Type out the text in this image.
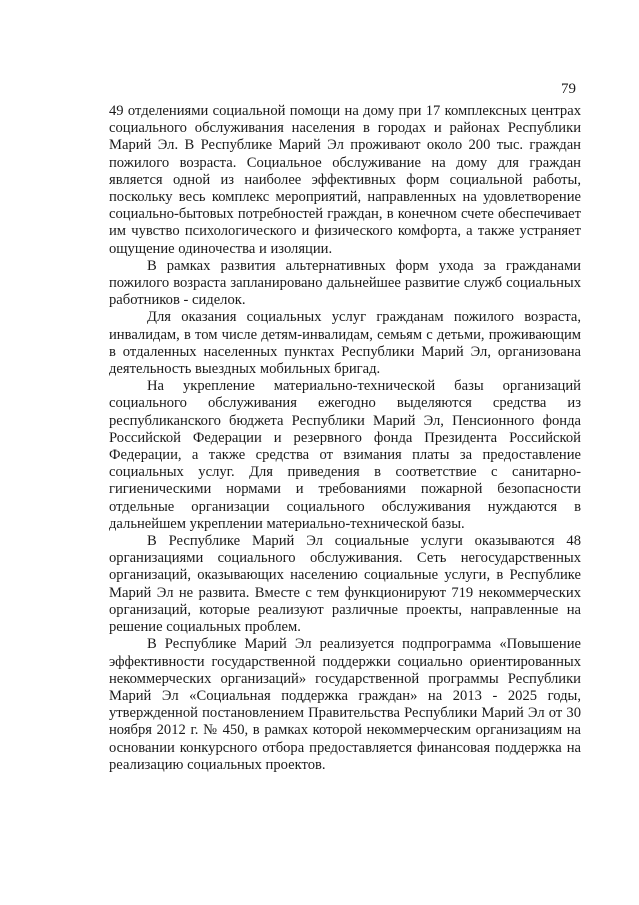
79

49 отделениями социальной помощи на дому при 17 комплексных центрах социального обслуживания населения в городах и районах Республики Марий Эл. В Республике Марий Эл проживают около 200 тыс. граждан пожилого возраста. Социальное обслуживание на дому для граждан является одной из наиболее эффективных форм социальной работы, поскольку весь комплекс мероприятий, направленных на удовлетворение социально-бытовых потребностей граждан, в конечном счете обеспечивает им чувство психологического и физического комфорта, а также устраняет ощущение одиночества и изоляции.

В рамках развития альтернативных форм ухода за гражданами пожилого возраста запланировано дальнейшее развитие служб социальных работников - сиделок.

Для оказания социальных услуг гражданам пожилого возраста, инвалидам, в том числе детям-инвалидам, семьям с детьми, проживающим в отдаленных населенных пунктах Республики Марий Эл, организована деятельность выездных мобильных бригад.

На укрепление материально-технической базы организаций социального обслуживания ежегодно выделяются средства из республиканского бюджета Республики Марий Эл, Пенсионного фонда Российской Федерации и резервного фонда Президента Российской Федерации, а также средства от взимания платы за предоставление социальных услуг. Для приведения в соответствие с санитарно-гигиеническими нормами и требованиями пожарной безопасности отдельные организации социального обслуживания нуждаются в дальнейшем укреплении материально-технической базы.

В Республике Марий Эл социальные услуги оказываются 48 организациями социального обслуживания. Сеть негосударственных организаций, оказывающих населению социальные услуги, в Республике Марий Эл не развита. Вместе с тем функционируют 719 некоммерческих организаций, которые реализуют различные проекты, направленные на решение социальных проблем.

В Республике Марий Эл реализуется подпрограмма «Повышение эффективности государственной поддержки социально ориентированных некоммерческих организаций» государственной программы Республики Марий Эл «Социальная поддержка граждан» на 2013 - 2025 годы, утвержденной постановлением Правительства Республики Марий Эл от 30 ноября 2012 г. № 450, в рамках которой некоммерческим организациям на основании конкурсного отбора предоставляется финансовая поддержка на реализацию социальных проектов.
